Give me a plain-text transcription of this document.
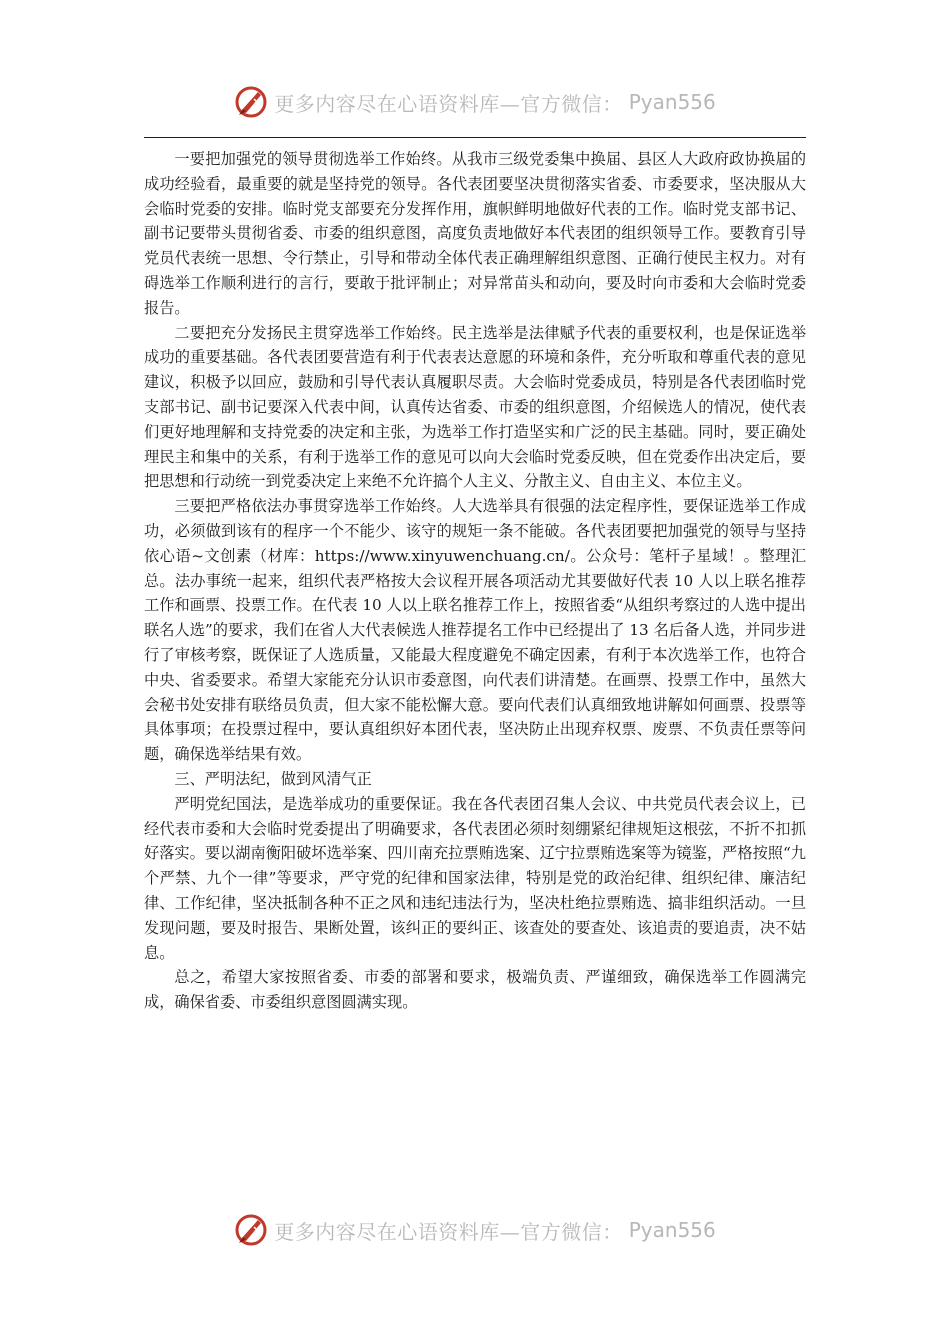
更多内容尽在心语资料库—官方微信： Pyan556

一要把加强党的领导贯彻选举工作始终。从我市三级党委集中换届、县区人大政府政协换届的成功经验看，最重要的就是坚持党的领导。各代表团要坚决贯彻落实省委、市委要求，坚决服从大会临时党委的安排。临时党支部要充分发挥作用，旗帜鲜明地做好代表的工作。临时党支部书记、副书记要带头贯彻省委、市委的组织意图，高度负责地做好本代表团的组织领导工作。要教育引导党员代表统一思想、令行禁止，引导和带动全体代表正确理解组织意图、正确行使民主权力。对有碍选举工作顺利进行的言行，要敢于批评制止；对异常苗头和动向，要及时向市委和大会临时党委报告。

二要把充分发扬民主贯穿选举工作始终。民主选举是法律赋予代表的重要权利，也是保证选举成功的重要基础。各代表团要营造有利于代表表达意愿的环境和条件，充分听取和尊重代表的意见建议，积极予以回应，鼓励和引导代表认真履职尽责。大会临时党委成员，特别是各代表团临时党支部书记、副书记要深入代表中间，认真传达省委、市委的组织意图，介绍候选人的情况，使代表们更好地理解和支持党委的决定和主张，为选举工作打造坚实和广泛的民主基础。同时，要正确处理民主和集中的关系，有利于选举工作的意见可以向大会临时党委反映，但在党委作出决定后，要把思想和行动统一到党委决定上来绝不允许搞个人主义、分散主义、自由主义、本位主义。

三要把严格依法办事贯穿选举工作始终。人大选举具有很强的法定程序性，要保证选举工作成功，必须做到该有的程序一个不能少、该守的规矩一条不能破。各代表团要把加强党的领导与坚持依心语~文创素（材库：https://www.xinyuwenchuang.cn/。公众号：笔杆子星域！。整理汇总。法办事统一起来，组织代表严格按大会议程开展各项活动尤其要做好代表 10 人以上联名推荐工作和画票、投票工作。在代表 10 人以上联名推荐工作上，按照省委“从组织考察过的人选中提出联名人选”的要求，我们在省人大代表候选人推荐提名工作中已经提出了 13 名后备人选，并同步进行了审核考察，既保证了人选质量，又能最大程度避免不确定因素，有利于本次选举工作，也符合中央、省委要求。希望大家能充分认识市委意图，向代表们讲清楚。在画票、投票工作中，虽然大会秘书处安排有联络员负责，但大家不能松懈大意。要向代表们认真细致地讲解如何画票、投票等具体事项；在投票过程中，要认真组织好本团代表，坚决防止出现弃权票、废票、不负责任票等问题，确保选举结果有效。

三、严明法纪，做到风清气正

严明党纪国法，是选举成功的重要保证。我在各代表团召集人会议、中共党员代表会议上，已经代表市委和大会临时党委提出了明确要求，各代表团必须时刻绷紧纪律规矩这根弦，不折不扣抓好落实。要以湖南衡阳破坏选举案、四川南充拉票贿选案、辽宁拉票贿选案等为镜鉴，严格按照“九个严禁、九个一律”等要求，严守党的纪律和国家法律，特别是党的政治纪律、组织纪律、廉洁纪律、工作纪律，坚决抵制各种不正之风和违纪违法行为，坚决杜绝拉票贿选、搞非组织活动。一旦发现问题，要及时报告、果断处置，该纠正的要纠正、该查处的要查处、该追责的要追责，决不姑息。

总之，希望大家按照省委、市委的部署和要求，极端负责、严谨细致，确保选举工作圆满完成，确保省委、市委组织意图圆满实现。

更多内容尽在心语资料库—官方微信： Pyan556
